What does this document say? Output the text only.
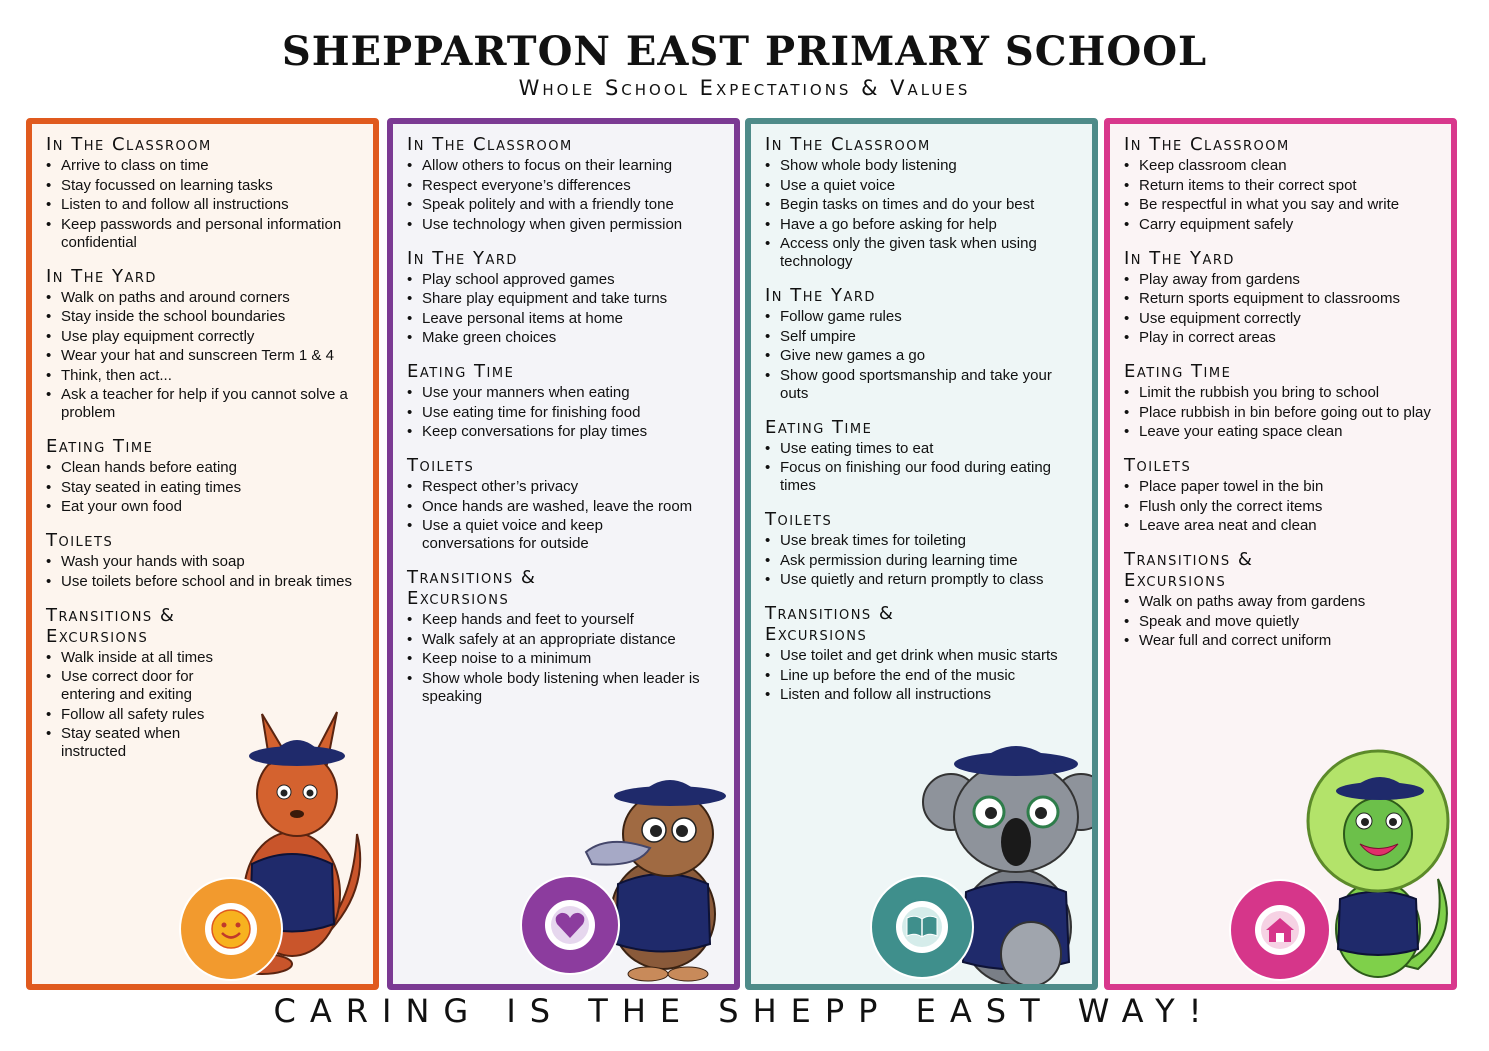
SHEPPARTON EAST PRIMARY SCHOOL
Whole School Expectations & Values
In The Classroom
• Arrive to class on time
• Stay focussed on learning tasks
• Listen to and follow all instructions
• Keep passwords and personal information confidential
In The Yard
• Walk on paths and around corners
• Stay inside the school boundaries
• Use play equipment correctly
• Wear your hat and sunscreen Term 1 & 4
• Think, then act...
• Ask a teacher for help if you cannot solve a problem
Eating Time
• Clean hands before eating
• Stay seated in eating times
• Eat your own food
Toilets
• Wash your hands with soap
• Use toilets before school and in break times
Transitions & Excursions
• Walk inside at all times
• Use correct door for entering and exiting
• Follow all safety rules
• Stay seated when instructed
In The Classroom
• Allow others to focus on their learning
• Respect everyone’s differences
• Speak politely and with a friendly tone
• Use technology when given permission
In The Yard
• Play school approved games
• Share play equipment and take turns
• Leave personal items at home
• Make green choices
Eating Time
• Use your manners when eating
• Use eating time for finishing food
• Keep conversations for play times
Toilets
• Respect other’s privacy
• Once hands are washed, leave the room
• Use a quiet voice and keep conversations for outside
Transitions & Excursions
• Keep hands and feet to yourself
• Walk safely at an appropriate distance
• Keep noise to a minimum
• Show whole body listening when leader is speaking
In The Classroom
• Show whole body listening
• Use a quiet voice
• Begin tasks on times and do your best
• Have a go before asking for help
• Access only the given task when using technology
In The Yard
• Follow game rules
• Self umpire
• Give new games a go
• Show good sportsmanship and take your outs
Eating Time
• Use eating times to eat
• Focus on finishing our food during eating times
Toilets
• Use break times for toileting
• Ask permission during learning time
• Use quietly and return promptly to class
Transitions & Excursions
• Use toilet and get drink when music starts
• Line up before the end of the music
• Listen and follow all instructions
In The Classroom
• Keep classroom clean
• Return items to their correct spot
• Be respectful in what you say and write
• Carry equipment safely
In The Yard
• Play away from gardens
• Return sports equipment to classrooms
• Use equipment correctly
• Play in correct areas
Eating Time
• Limit the rubbish you bring to school
• Place rubbish in bin before going out to play
• Leave your eating space clean
Toilets
• Place paper towel in the bin
• Flush only the correct items
• Leave area neat and clean
Transitions & Excursions
• Walk on paths away from gardens
• Speak and move quietly
• Wear full and correct uniform
CARING IS THE SHEPP EAST WAY!
